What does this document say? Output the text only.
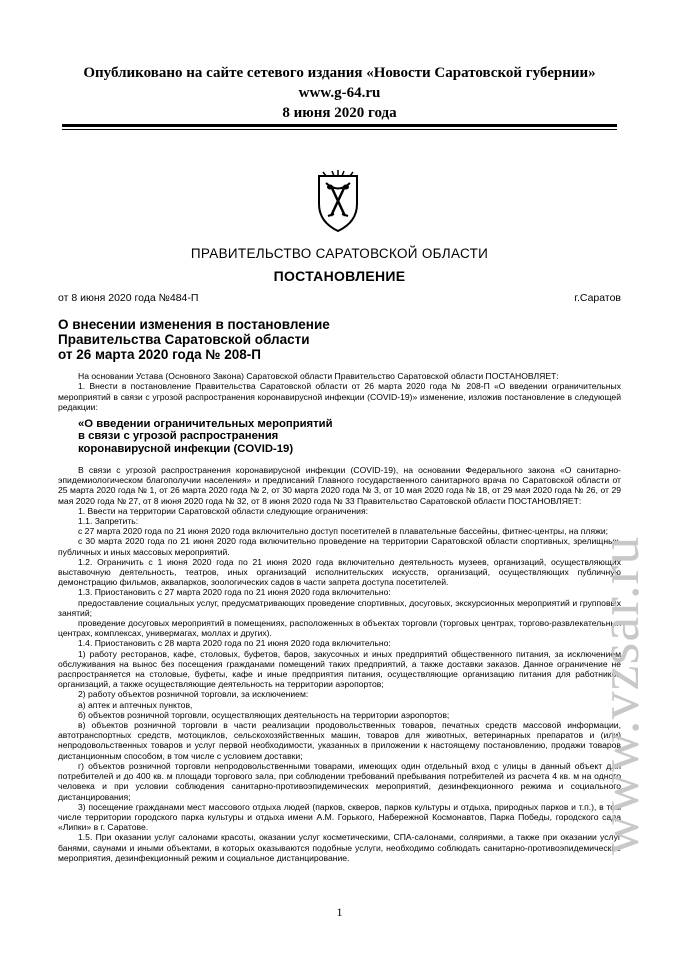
Опубликовано на сайте сетевого издания «Новости Саратовской губернии»
www.g-64.ru
8 июня 2020 года
ПРАВИТЕЛЬСТВО САРАТОВСКОЙ ОБЛАСТИ
ПОСТАНОВЛЕНИЕ
от 8 июня 2020 года №484-П	г.Саратов
О внесении изменения в постановление
Правительства Саратовской области
от 26 марта 2020 года № 208-П

На основании Устава (Основного Закона) Саратовской области Правительство Саратовской области ПОСТАНОВЛЯЕТ:

1. Внести в постановление Правительства Саратовской области от 26 марта 2020 года № 208-П «О введении ограничительных мероприятий в связи с угрозой распространения коронавирусной инфекции (COVID-19)» изменение, изложив постановление в следующей редакции:

«О введении ограничительных мероприятий
в связи с угрозой распространения
коронавирусной инфекции (COVID-19)

В связи с угрозой распространения коронавирусной инфекции (COVID-19), на основании Федерального закона «О санитарно-эпидемиологическом благополучии населения» и предписаний Главного государственного санитарного врача по Саратовской области от 25 марта 2020 года № 1, от 26 марта 2020 года № 2, от 30 марта 2020 года № 3, от 10 мая 2020 года № 18, от 29 мая 2020 года № 26, от 29 мая 2020 года № 27, от 8 июня 2020 года № 32, от 8 июня 2020 года № 33 Правительство Саратовской области ПОСТАНОВЛЯЕТ:

1. Ввести на территории Саратовской области следующие ограничения:

1.1. Запретить:

с 27 марта 2020 года по 21 июня 2020 года включительно доступ посетителей в плавательные бассейны, фитнес-центры, на пляжи;

с 30 марта 2020 года по 21 июня 2020 года включительно проведение на территории Саратовской области спортивных, зрелищных, публичных и иных массовых мероприятий.

1.2. Ограничить с 1 июня 2020 года по 21 июня 2020 года включительно деятельность музеев, организаций, осуществляющих выставочную деятельность, театров, иных организаций исполнительских искусств, организаций, осуществляющих публичную демонстрацию фильмов, аквапарков, зоологических садов в части запрета доступа посетителей.

1.3. Приостановить с 27 марта 2020 года по 21 июня 2020 года включительно:

предоставление социальных услуг, предусматривающих проведение спортивных, досуговых, экскурсионных мероприятий и групповых занятий;

проведение досуговых мероприятий в помещениях, расположенных в объектах торговли (торговых центрах, торгово-развлекательных центрах, комплексах, универмагах, моллах и других).

1.4. Приостановить с 28 марта 2020 года по 21 июня 2020 года включительно:

1) работу ресторанов, кафе, столовых, буфетов, баров, закусочных и иных предприятий общественного питания, за исключением обслуживания на вынос без посещения гражданами помещений таких предприятий, а также доставки заказов. Данное ограничение не распространяется на столовые, буфеты, кафе и иные предприятия питания, осуществляющие организацию питания для работников организаций, а также осуществляющие деятельность на территории аэропортов;

2) работу объектов розничной торговли, за исключением:

а) аптек и аптечных пунктов,

б) объектов розничной торговли, осуществляющих деятельность на территории аэропортов;

в) объектов розничной торговли в части реализации продовольственных товаров, печатных средств массовой информации, автотранспортных средств, мотоциклов, сельскохозяйственных машин, товаров для животных, ветеринарных препаратов и (или) непродовольственных товаров и услуг первой необходимости, указанных в приложении к настоящему постановлению, продажи товаров дистанционным способом, в том числе с условием доставки;

г) объектов розничной торговли непродовольственными товарами, имеющих один отдельный вход с улицы в данный объект для потребителей и до 400 кв. м площади торгового зала, при соблюдении требований пребывания потребителей из расчета 4 кв. м на одного человека и при условии соблюдения санитарно-противоэпидемических мероприятий, дезинфекционного режима и социального дистанцирования;

3) посещение гражданами мест массового отдыха людей (парков, скверов, парков культуры и отдыха, природных парков и т.п.), в том числе территории городского парка культуры и отдыха имени А.М. Горького, Набережной Космонавтов, Парка Победы, городского сада «Липки» в г. Саратове.

1.5. При оказании услуг салонами красоты, оказании услуг косметическими, СПА-салонами, соляриями, а также при оказании услуг банями, саунами и иными объектами, в которых оказываются подобные услуги, необходимо соблюдать санитарно-противоэпидемические мероприятия, дезинфекционный режим и социальное дистанцирование.

1
www.vzsar.ru
